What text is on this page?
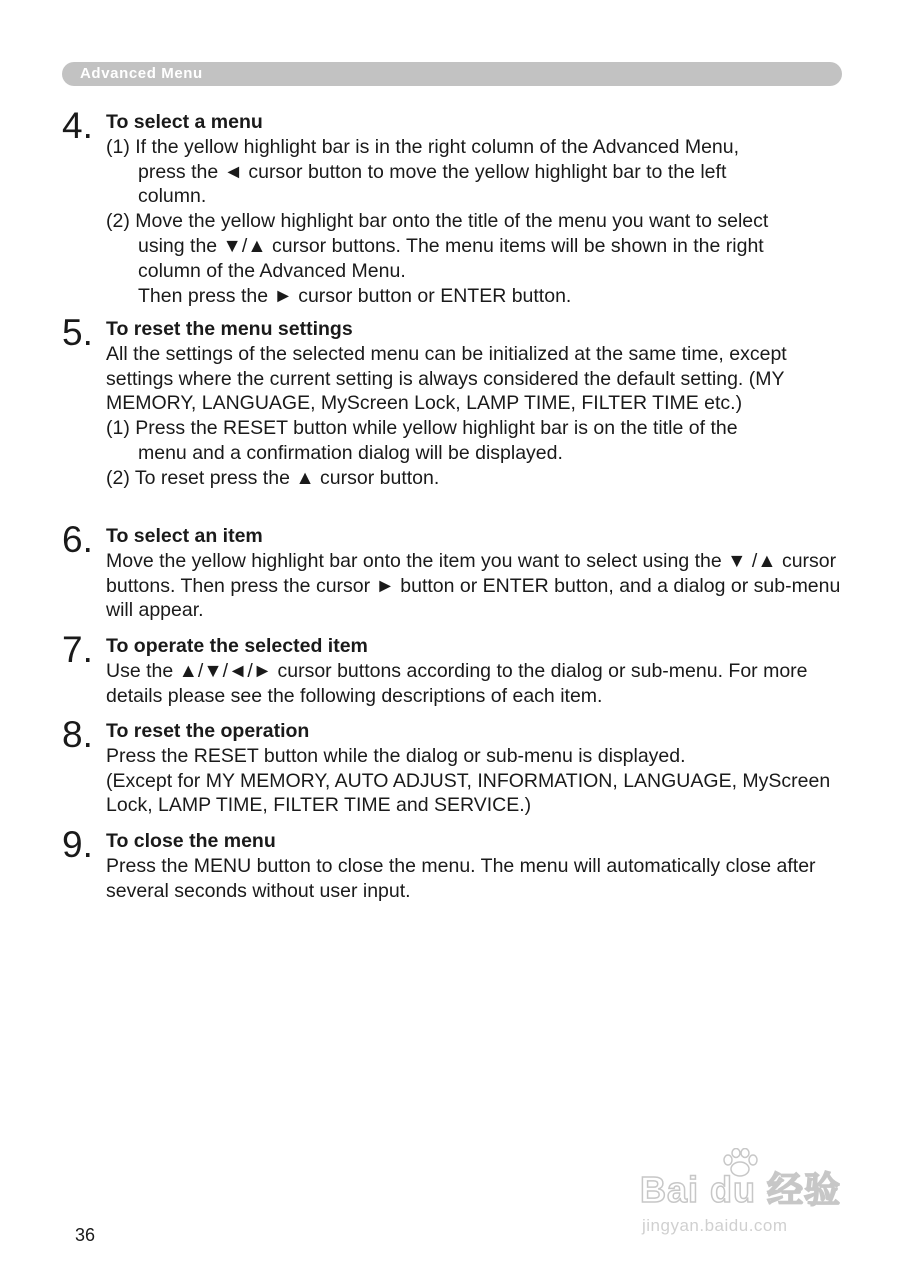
Advanced Menu
4. To select a menu
(1) If the yellow highlight bar is in the right column of the Advanced Menu,
press the ◄ cursor button to move the yellow highlight bar to the left
column.
(2) Move the yellow highlight bar onto the title of the menu you want to select
using the ▼/▲ cursor buttons. The menu items will be shown in the right
column of the Advanced Menu.
Then press the ► cursor button or ENTER button.
5. To reset the menu settings
All the settings of the selected menu can be initialized at the same time, except settings where the current setting is always considered the default setting. (MY MEMORY, LANGUAGE, MyScreen Lock, LAMP TIME, FILTER TIME etc.)
(1) Press the RESET button while yellow highlight bar is on the title of the
menu and a confirmation dialog will be displayed.
(2) To reset press the ▲ cursor button.
6. To select an item
Move the yellow highlight bar onto the item you want to select using the ▼ /▲ cursor buttons. Then press the cursor ► button or ENTER button, and a dialog or sub-menu will appear.
7. To operate the selected item
Use the ▲/▼/◄/► cursor buttons according to the dialog or sub-menu. For more details please see the following descriptions of each item.
8. To reset the operation
Press the RESET button while the dialog or sub-menu is displayed.
(Except for MY MEMORY, AUTO ADJUST, INFORMATION, LANGUAGE, MyScreen Lock, LAMP TIME, FILTER TIME and SERVICE.)
9. To close the menu
Press the MENU button to close the menu. The menu will automatically close after several seconds without user input.
36
Bai du 经验
jingyan.baidu.com
